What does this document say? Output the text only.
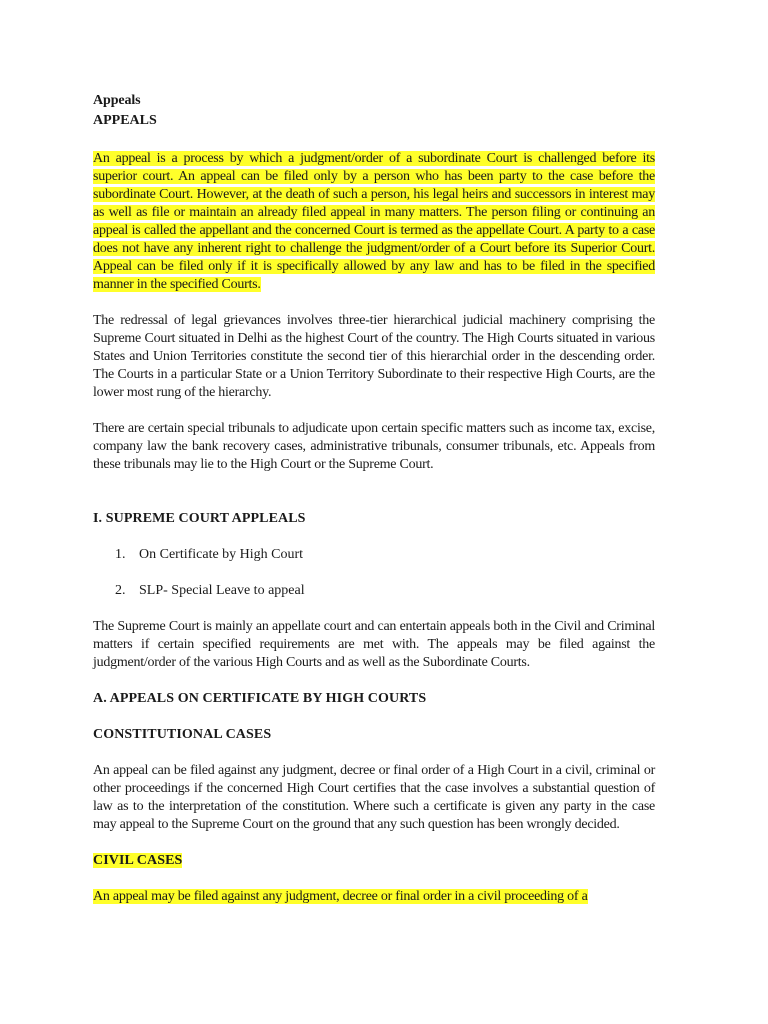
Appeals
APPEALS

An appeal is a process by which a judgment/order of a subordinate Court is challenged before its superior court. An appeal can be filed only by a person who has been party to the case before the subordinate Court. However, at the death of such a person, his legal heirs and successors in interest may as well as file or maintain an already filed appeal in many matters. The person filing or continuing an appeal is called the appellant and the concerned Court is termed as the appellate Court. A party to a case does not have any inherent right to challenge the judgment/order of a Court before its Superior Court. Appeal can be filed only if it is specifically allowed by any law and has to be filed in the specified manner in the specified Courts.

The redressal of legal grievances involves three-tier hierarchical judicial machinery comprising the Supreme Court situated in Delhi as the highest Court of the country. The High Courts situated in various States and Union Territories constitute the second tier of this hierarchial order in the descending order. The Courts in a particular State or a Union Territory Subordinate to their respective High Courts, are the lower most rung of the hierarchy.

There are certain special tribunals to adjudicate upon certain specific matters such as income tax, excise, company law the bank recovery cases, administrative tribunals, consumer tribunals, etc. Appeals from these tribunals may lie to the High Court or the Supreme Court.

I. SUPREME COURT APPLEALS
1. On Certificate by High Court
2. SLP- Special Leave to appeal

The Supreme Court is mainly an appellate court and can entertain appeals both in the Civil and Criminal matters if certain specified requirements are met with. The appeals may be filed against the judgment/order of the various High Courts and as well as the Subordinate Courts.

A. APPEALS ON CERTIFICATE BY HIGH COURTS
CONSTITUTIONAL CASES

An appeal can be filed against any judgment, decree or final order of a High Court in a civil, criminal or other proceedings if the concerned High Court certifies that the case involves a substantial question of law as to the interpretation of the constitution. Where such a certificate is given any party in the case may appeal to the Supreme Court on the ground that any such question has been wrongly decided.

CIVIL CASES

An appeal may be filed against any judgment, decree or final order in a civil proceeding of a
